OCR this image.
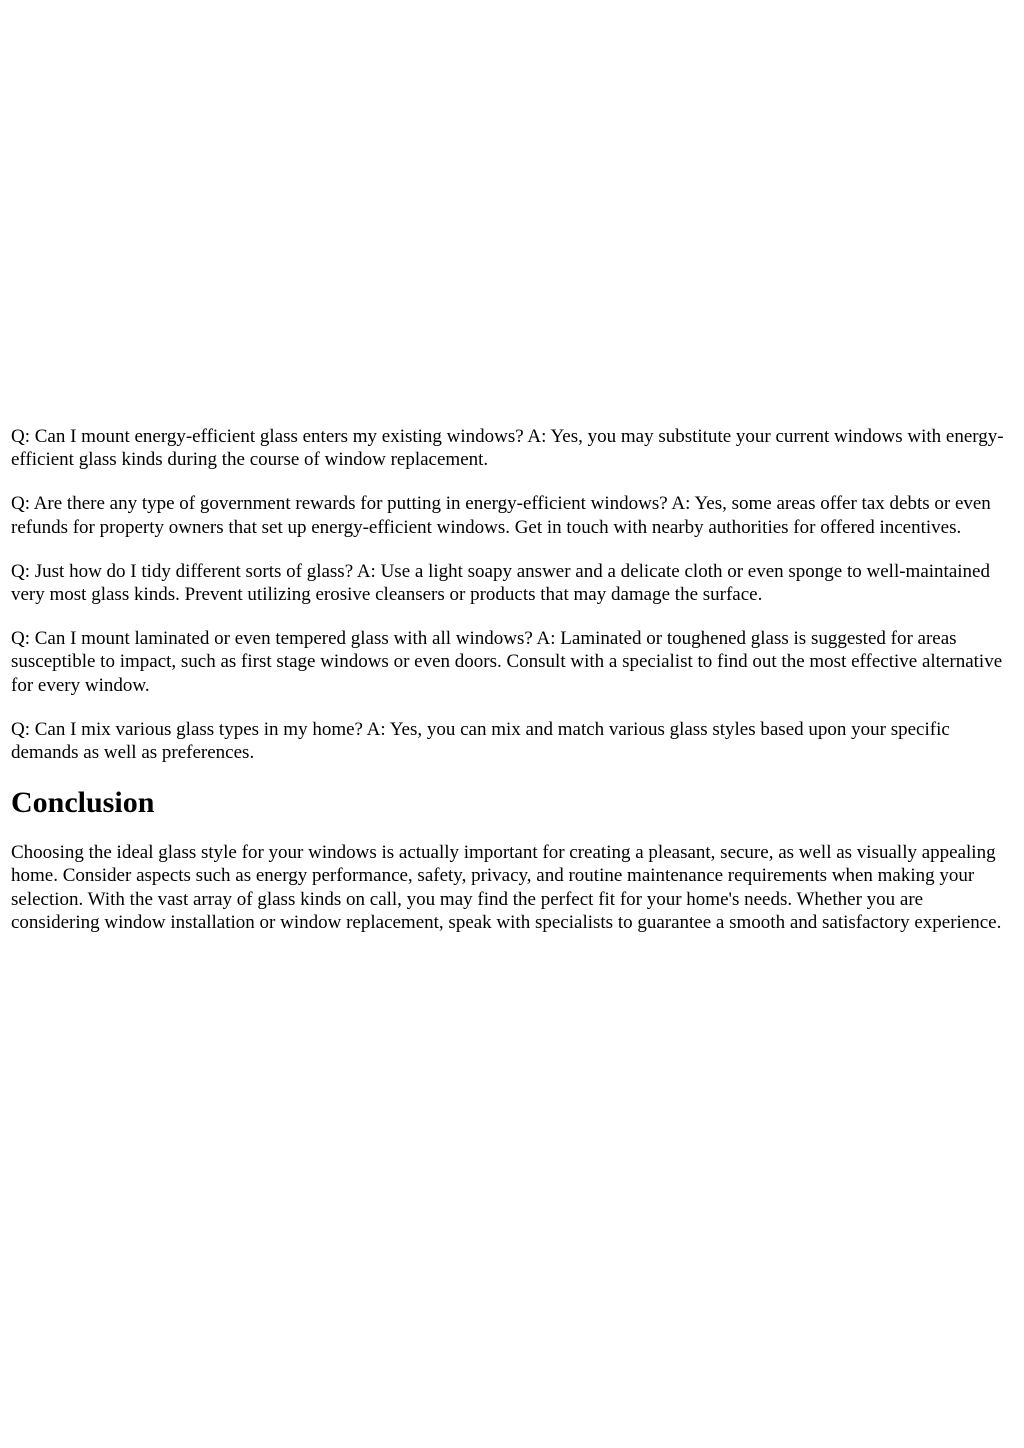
Q: Can I mount energy-efficient glass enters my existing windows? A: Yes, you may substitute your current windows with energy-efficient glass kinds during the course of window replacement.

Q: Are there any type of government rewards for putting in energy-efficient windows? A: Yes, some areas offer tax debts or even refunds for property owners that set up energy-efficient windows. Get in touch with nearby authorities for offered incentives.

Q: Just how do I tidy different sorts of glass? A: Use a light soapy answer and a delicate cloth or even sponge to well-maintained very most glass kinds. Prevent utilizing erosive cleansers or products that may damage the surface.

Q: Can I mount laminated or even tempered glass with all windows? A: Laminated or toughened glass is suggested for areas susceptible to impact, such as first stage windows or even doors. Consult with a specialist to find out the most effective alternative for every window.

Q: Can I mix various glass types in my home? A: Yes, you can mix and match various glass styles based upon your specific demands as well as preferences.

Conclusion

Choosing the ideal glass style for your windows is actually important for creating a pleasant, secure, as well as visually appealing home. Consider aspects such as energy performance, safety, privacy, and routine maintenance requirements when making your selection. With the vast array of glass kinds on call, you may find the perfect fit for your home's needs. Whether you are considering window installation or window replacement, speak with specialists to guarantee a smooth and satisfactory experience.
